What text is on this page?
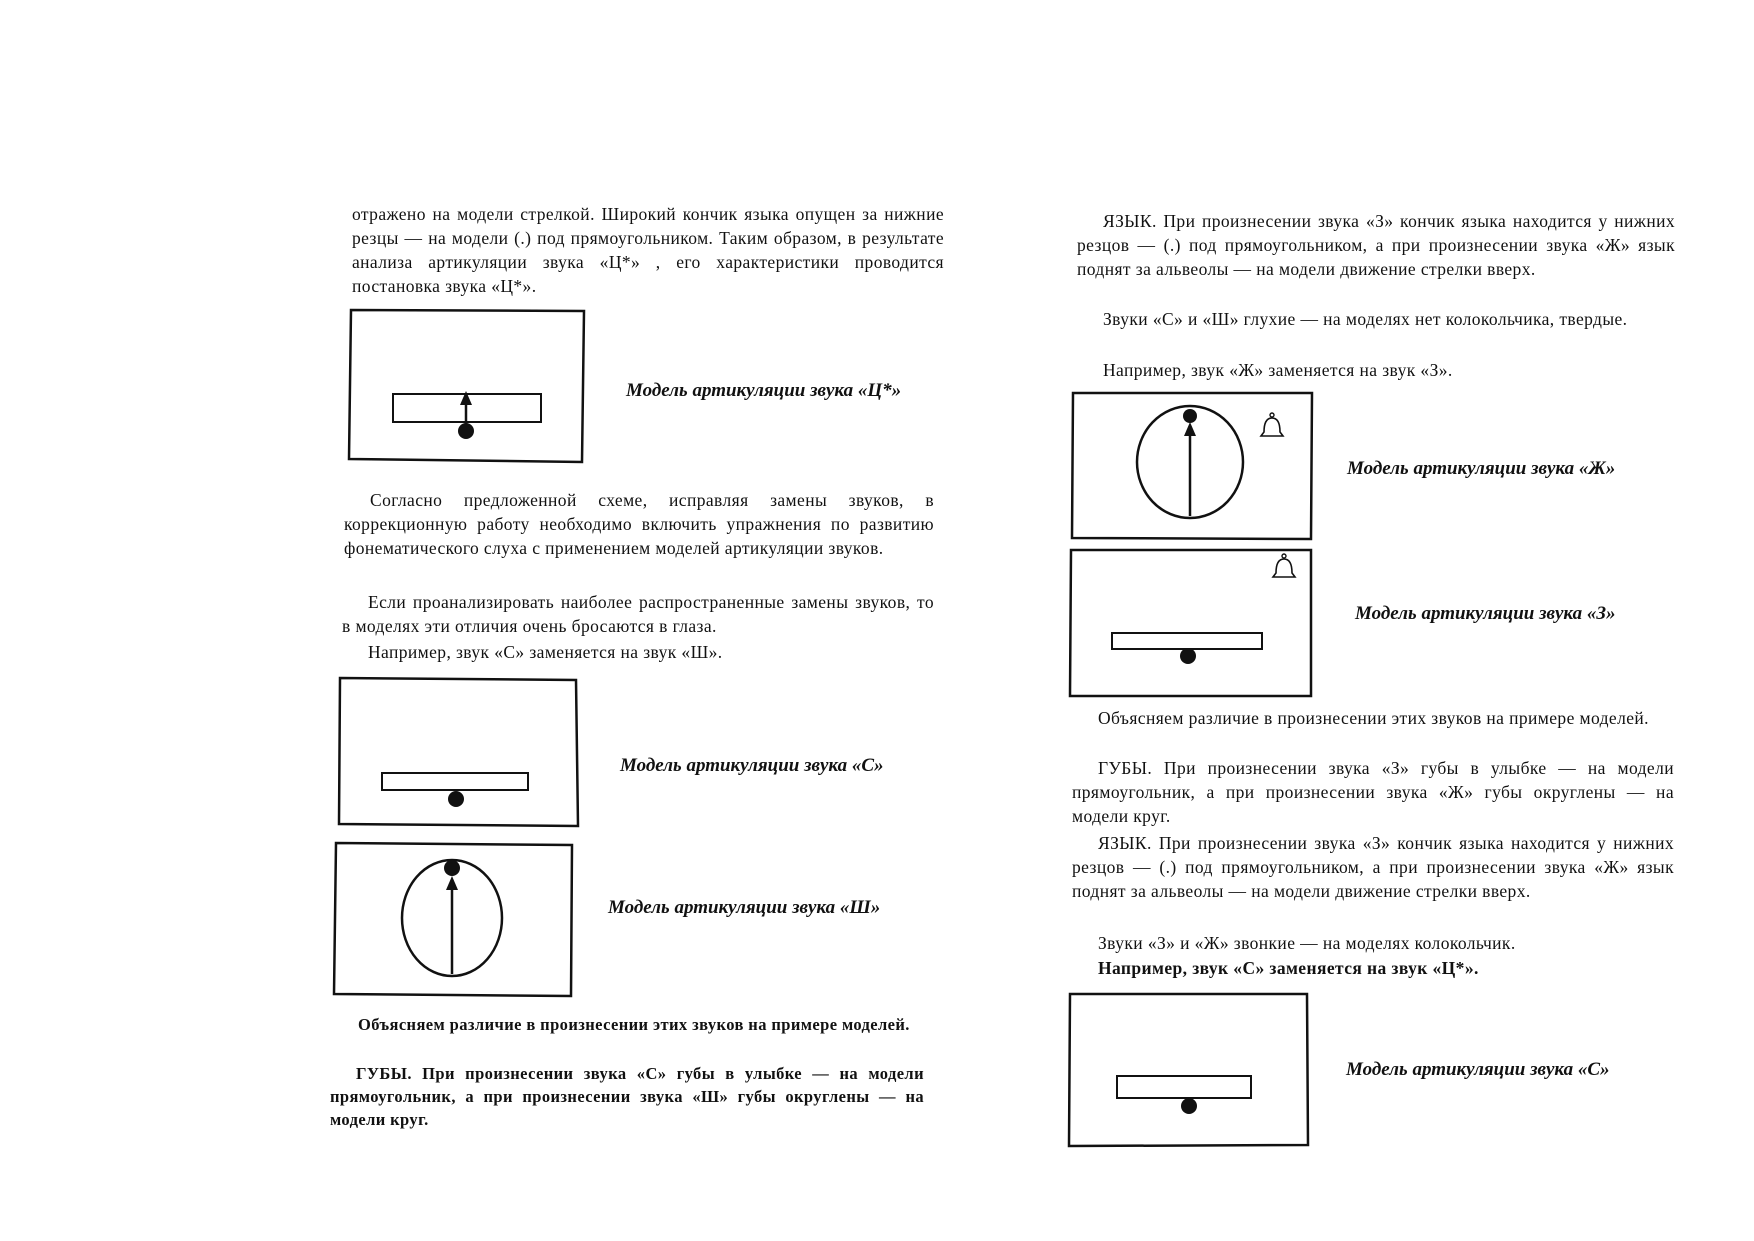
отражено на модели стрелкой. Широкий кончик языка опущен за нижние резцы — на модели (.) под прямоугольником. Таким образом, в результате анализа артикуляции звука «Ц*» , его характеристики проводится постановка звука «Ц*».

Модель артикуляции звука «Ц*»

Согласно предложенной схеме, исправляя замены звуков, в коррекционную работу необходимо включить упражнения по развитию фонематического слуха с применением моделей артикуляции звуков.

Если проанализировать наиболее распространенные замены звуков, то в моделях эти отличия очень бросаются в глаза.

Например, звук «С» заменяется на звук «Ш».

Модель артикуляции звука «С»

Модель артикуляции звука «Ш»

Объясняем различие в произнесении этих звуков на примере моделей.

ГУБЫ. При произнесении звука «С» губы в улыбке — на модели прямоугольник, а при произнесении звука «Ш» губы округлены — на модели круг.

ЯЗЫК. При произнесении звука «З» кончик языка находится у нижних резцов — (.) под прямоугольником, а при произнесении звука «Ж» язык поднят за альвеолы — на модели движение стрелки вверх.

Звуки «С» и «Ш» глухие — на моделях нет колокольчика, твердые.

Например, звук «Ж» заменяется на звук «З».

Модель артикуляции звука «Ж»

Модель артикуляции звука «З»

Объясняем различие в произнесении этих звуков на примере моделей.

ГУБЫ. При произнесении звука «З» губы в улыбке — на модели прямоугольник, а при произнесении звука «Ж» губы округлены — на модели круг.

ЯЗЫК. При произнесении звука «З» кончик языка находится у нижних резцов — (.) под прямоугольником, а при произнесении звука «Ж» язык поднят за альвеолы — на модели движение стрелки вверх.

Звуки «З» и «Ж» звонкие — на моделях колокольчик.

Например, звук «С» заменяется на звук «Ц*».

Модель артикуляции звука «С»
